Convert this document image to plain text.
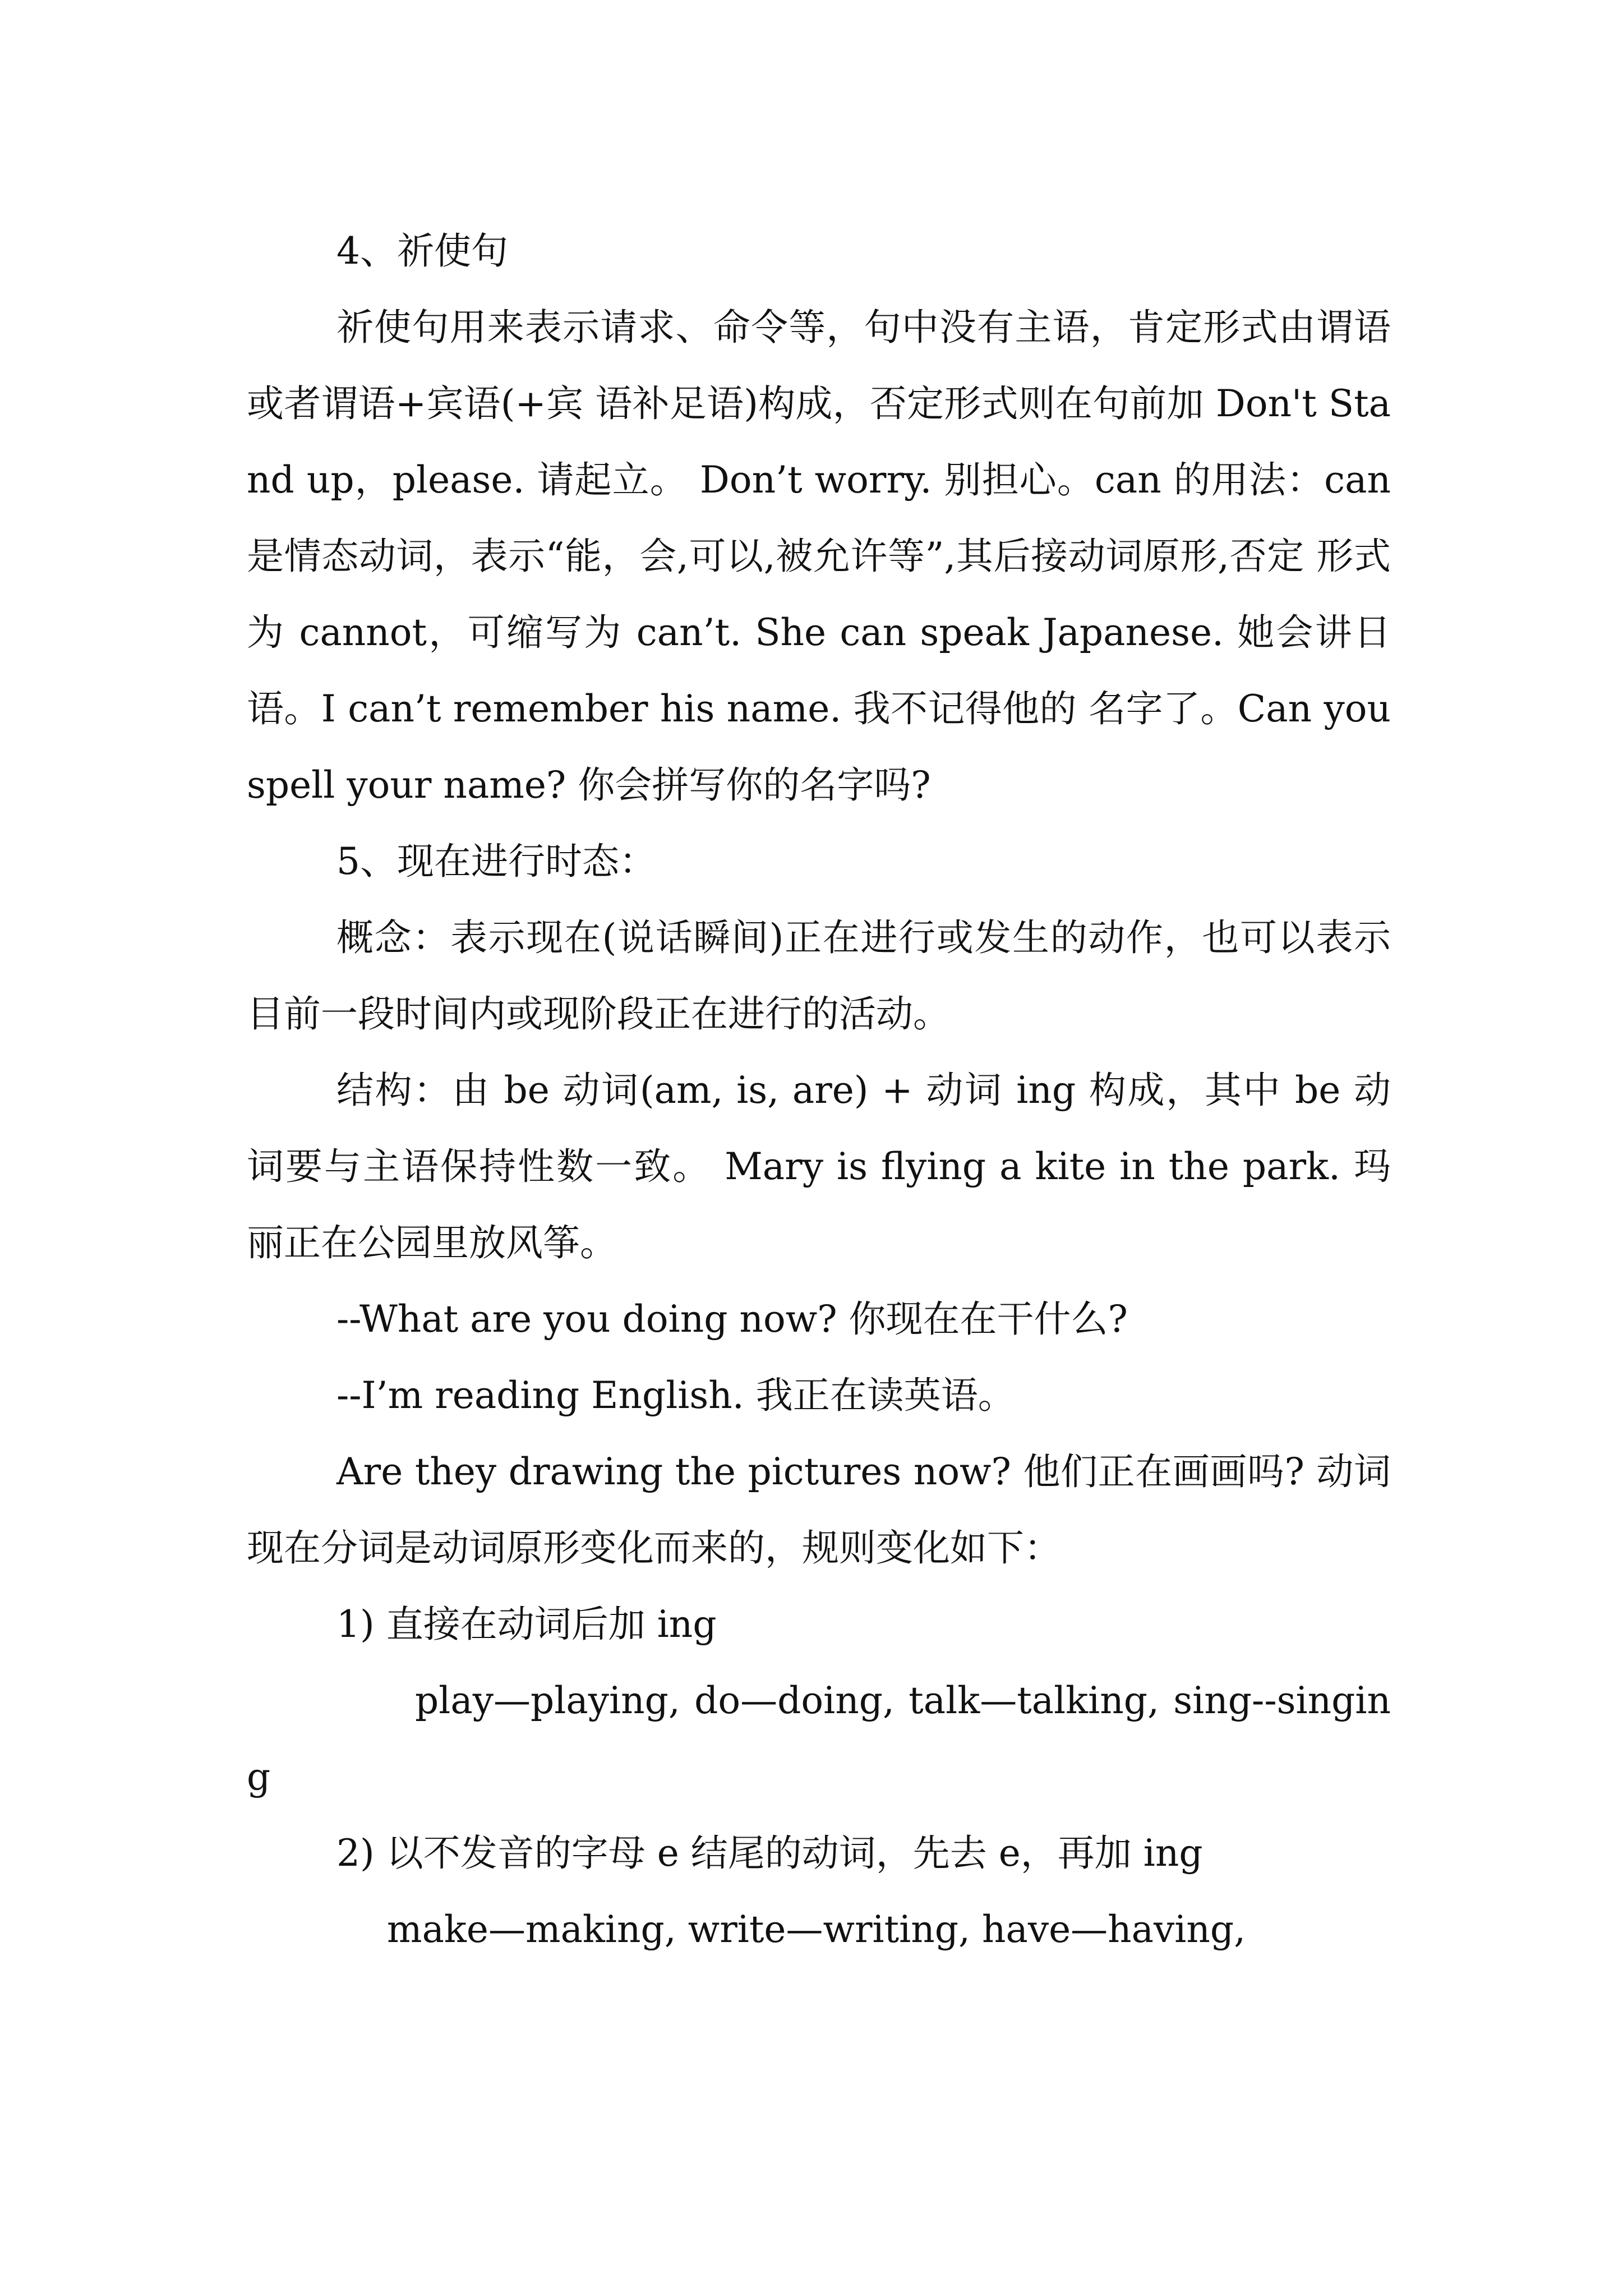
4、祈使句

祈使句用来表示请求、命令等，句中没有主语，肯定形式由谓语或者谓语+宾语(+宾 语补足语)构成，否定形式则在句前加 Don't Stand up，please. 请起立。 Don’t worry. 别担心。can 的用法：can 是情态动词，表示“能，会,可以,被允许等”,其后接动词原形,否定 形式为 cannot，可缩写为 can’t. She can speak Japanese. 她会讲日语。I can’t remember his name. 我不记得他的 名字了。Can you spell your name? 你会拼写你的名字吗?

5、现在进行时态：

概念：表示现在(说话瞬间)正在进行或发生的动作，也可以表示目前一段时间内或现阶段正在进行的活动。

结构：由 be 动词(am, is, are) + 动词 ing 构成，其中 be 动词要与主语保持性数一致。 Mary is flying a kite in the park. 玛丽正在公园里放风筝。

--What are you doing now? 你现在在干什么?

--I’m reading English. 我正在读英语。

Are they drawing the pictures now? 他们正在画画吗? 动词现在分词是动词原形变化而来的，规则变化如下：

1) 直接在动词后加 ing

play—playing, do—doing, talk—talking, sing--singing

2) 以不发音的字母 e 结尾的动词，先去 e，再加 ing

make—making, write—writing, have—having,
